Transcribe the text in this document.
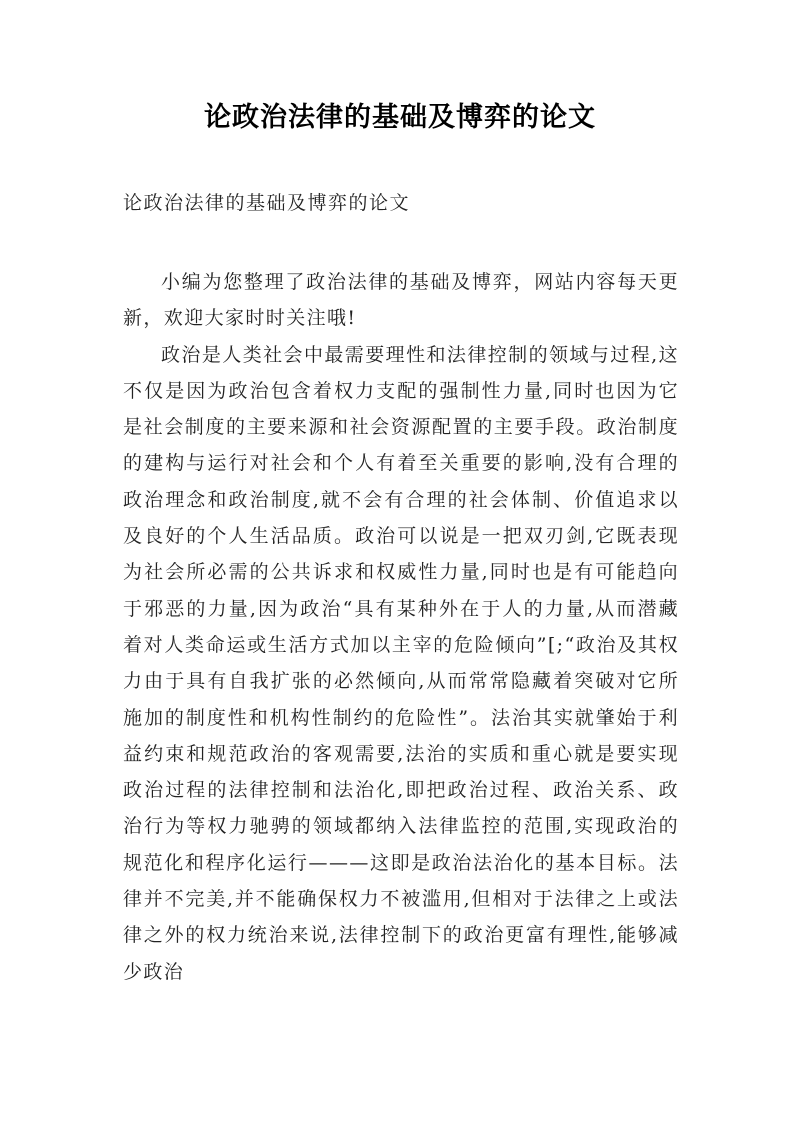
论政治法律的基础及博弈的论文
论政治法律的基础及博弈的论文

小编为您整理了政治法律的基础及博弈，网站内容每天更新，欢迎大家时时关注哦!

政治是人类社会中最需要理性和法律控制的领域与过程,这不仅是因为政治包含着权力支配的强制性力量,同时也因为它是社会制度的主要来源和社会资源配置的主要手段。政治制度的建构与运行对社会和个人有着至关重要的影响,没有合理的政治理念和政治制度,就不会有合理的社会体制、价值追求以及良好的个人生活品质。政治可以说是一把双刃剑,它既表现为社会所必需的公共诉求和权威性力量,同时也是有可能趋向于邪恶的力量,因为政治“具有某种外在于人的力量,从而潜藏着对人类命运或生活方式加以主宰的危险倾向”[;“政治及其权力由于具有自我扩张的必然倾向,从而常常隐藏着突破对它所施加的制度性和机构性制约的危险性”。法治其实就肇始于利益约束和规范政治的客观需要,法治的实质和重心就是要实现政治过程的法律控制和法治化,即把政治过程、政治关系、政治行为等权力驰骋的领域都纳入法律监控的范围,实现政治的规范化和程序化运行———这即是政治法治化的基本目标。法律并不完美,并不能确保权力不被滥用,但相对于法律之上或法律之外的权力统治来说,法律控制下的政治更富有理性,能够减少政治
